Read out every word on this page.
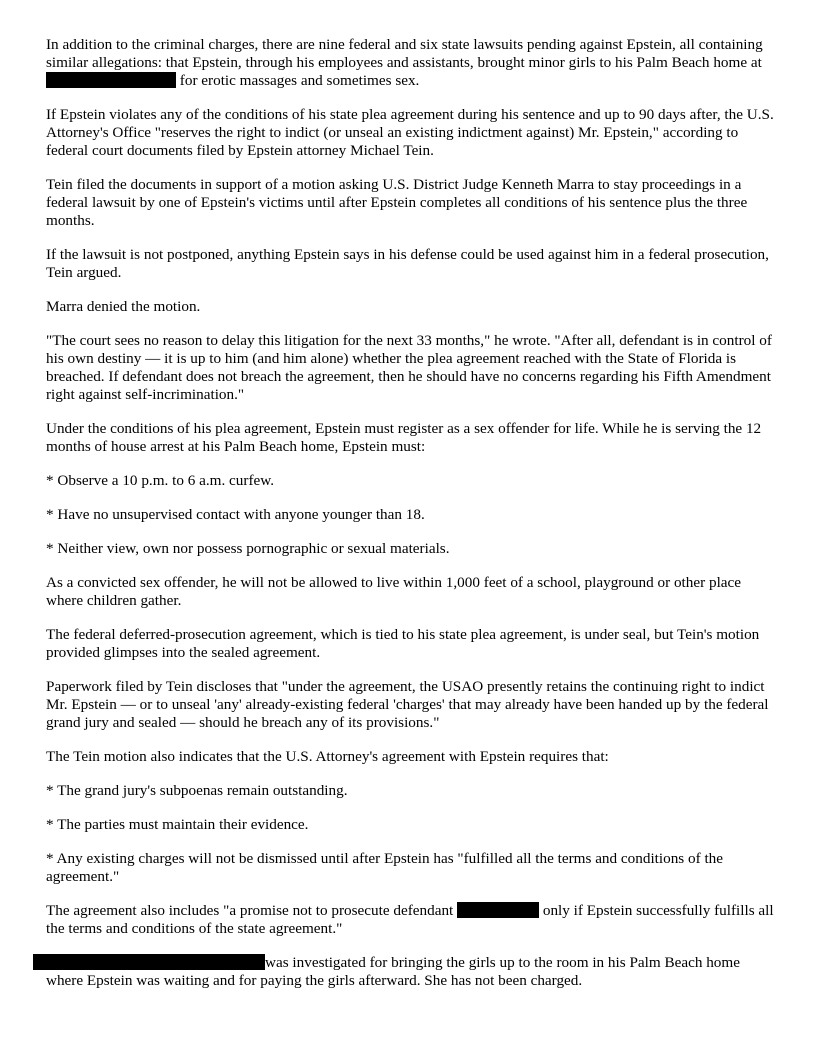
In addition to the criminal charges, there are nine federal and six state lawsuits pending against Epstein, all containing similar allegations: that Epstein, through his employees and assistants, brought minor girls to his Palm Beach home at  for erotic massages and sometimes sex.

If Epstein violates any of the conditions of his state plea agreement during his sentence and up to 90 days after, the U.S. Attorney's Office "reserves the right to indict (or unseal an existing indictment against) Mr. Epstein," according to federal court documents filed by Epstein attorney Michael Tein.

Tein filed the documents in support of a motion asking U.S. District Judge Kenneth Marra to stay proceedings in a federal lawsuit by one of Epstein's victims until after Epstein completes all conditions of his sentence plus the three months.

If the lawsuit is not postponed, anything Epstein says in his defense could be used against him in a federal prosecution, Tein argued.

Marra denied the motion.

"The court sees no reason to delay this litigation for the next 33 months," he wrote. "After all, defendant is in control of his own destiny — it is up to him (and him alone) whether the plea agreement reached with the State of Florida is breached. If defendant does not breach the agreement, then he should have no concerns regarding his Fifth Amendment right against self-incrimination."

Under the conditions of his plea agreement, Epstein must register as a sex offender for life. While he is serving the 12 months of house arrest at his Palm Beach home, Epstein must:

* Observe a 10 p.m. to 6 a.m. curfew.

* Have no unsupervised contact with anyone younger than 18.

* Neither view, own nor possess pornographic or sexual materials.

As a convicted sex offender, he will not be allowed to live within 1,000 feet of a school, playground or other place where children gather.

The federal deferred-prosecution agreement, which is tied to his state plea agreement, is under seal, but Tein's motion provided glimpses into the sealed agreement.

Paperwork filed by Tein discloses that "under the agreement, the USAO presently retains the continuing right to indict Mr. Epstein — or to unseal 'any' already-existing federal 'charges' that may already have been handed up by the federal grand jury and sealed — should he breach any of its provisions."

The Tein motion also indicates that the U.S. Attorney's agreement with Epstein requires that:

* The grand jury's subpoenas remain outstanding.

* The parties must maintain their evidence.

* Any existing charges will not be dismissed until after Epstein has "fulfilled all the terms and conditions of the agreement."

The agreement also includes "a promise not to prosecute defendant	only if Epstein successfully fulfills all the terms and conditions of the state agreement."

was investigated for bringing the girls up to the room in his Palm Beach home where Epstein was waiting and for paying the girls afterward. She has not been charged.
